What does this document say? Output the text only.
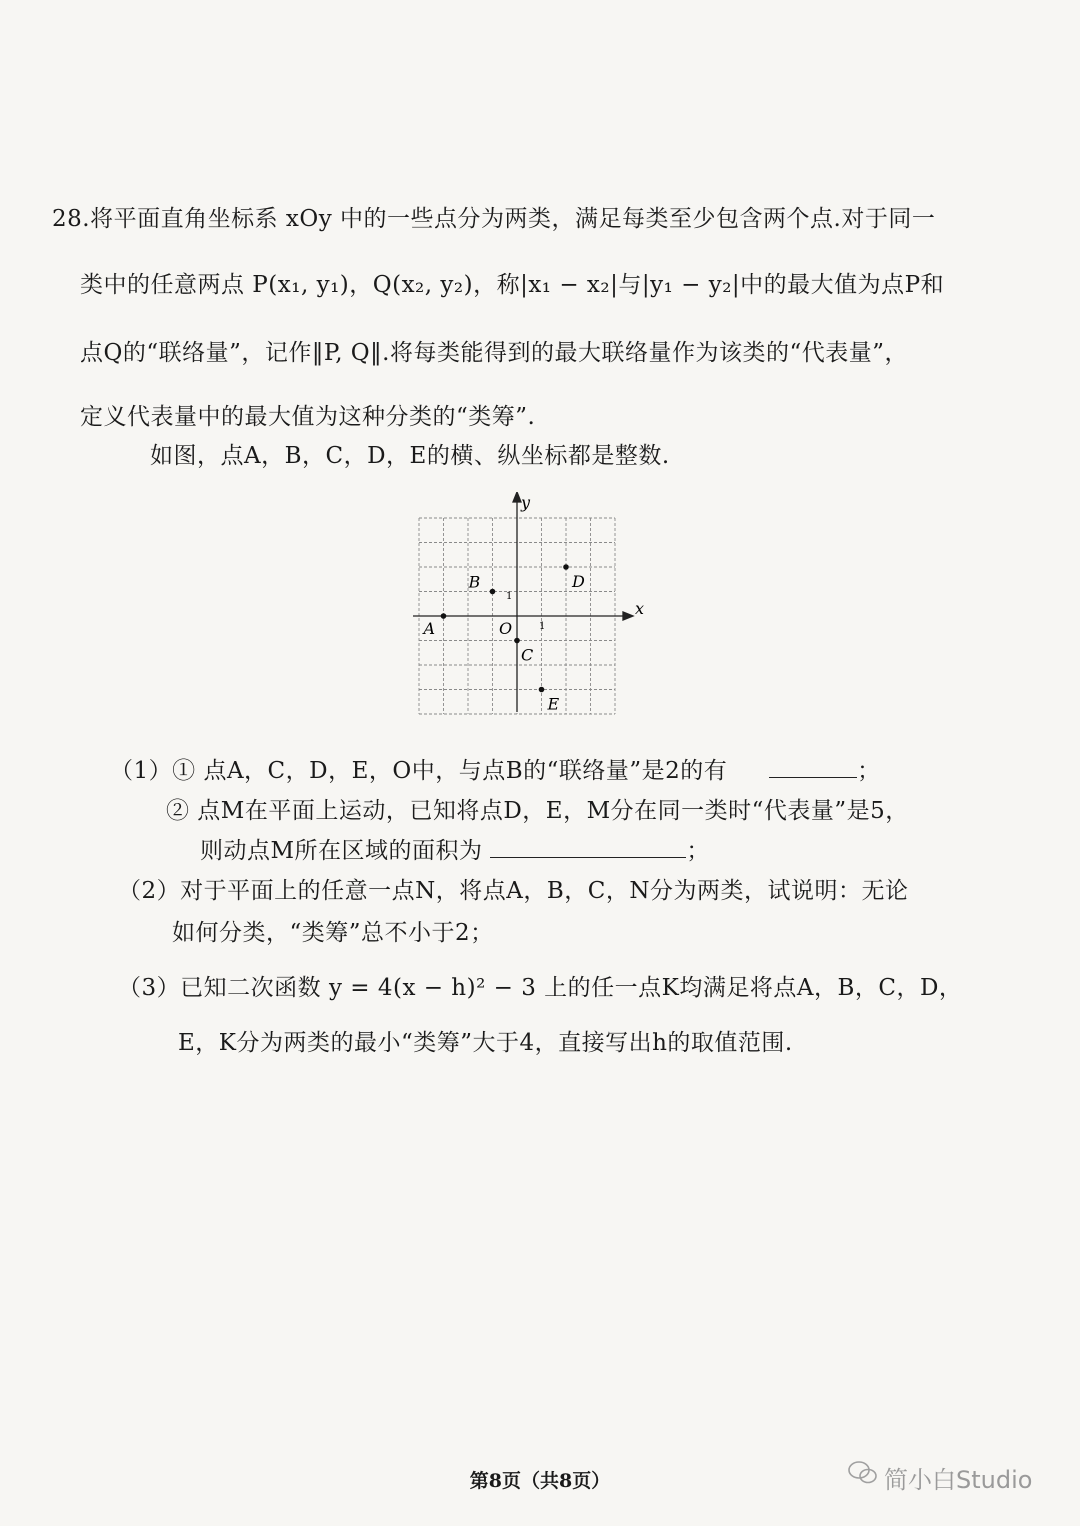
28.将平面直角坐标系 xOy 中的一些点分为两类，满足每类至少包含两个点.对于同一
类中的任意两点 P(x₁, y₁)，Q(x₂, y₂)，称|x₁ − x₂|与|y₁ − y₂|中的最大值为点P和
点Q的“联络量”，记作‖P, Q‖.将每类能得到的最大联络量作为该类的“代表量”，
定义代表量中的最大值为这种分类的“类筹”.
如图，点A，B，C，D，E的横、纵坐标都是整数.
x
y
O	1
1
A
B
C
D
E
（1）① 点A，C，D，E，O中，与点B的“联络量”是2的有	；
② 点M在平面上运动，已知将点D，E，M分在同一类时“代表量”是5，
则动点M所在区域的面积为	；
（2）对于平面上的任意一点N，将点A，B，C，N分为两类，试说明：无论
如何分类，“类筹”总不小于2；
（3）已知二次函数 y = 4(x − h)² − 3 上的任一点K均满足将点A，B，C，D，
E，K分为两类的最小“类筹”大于4，直接写出h的取值范围.
第8页（共8页）	简小白Studio
